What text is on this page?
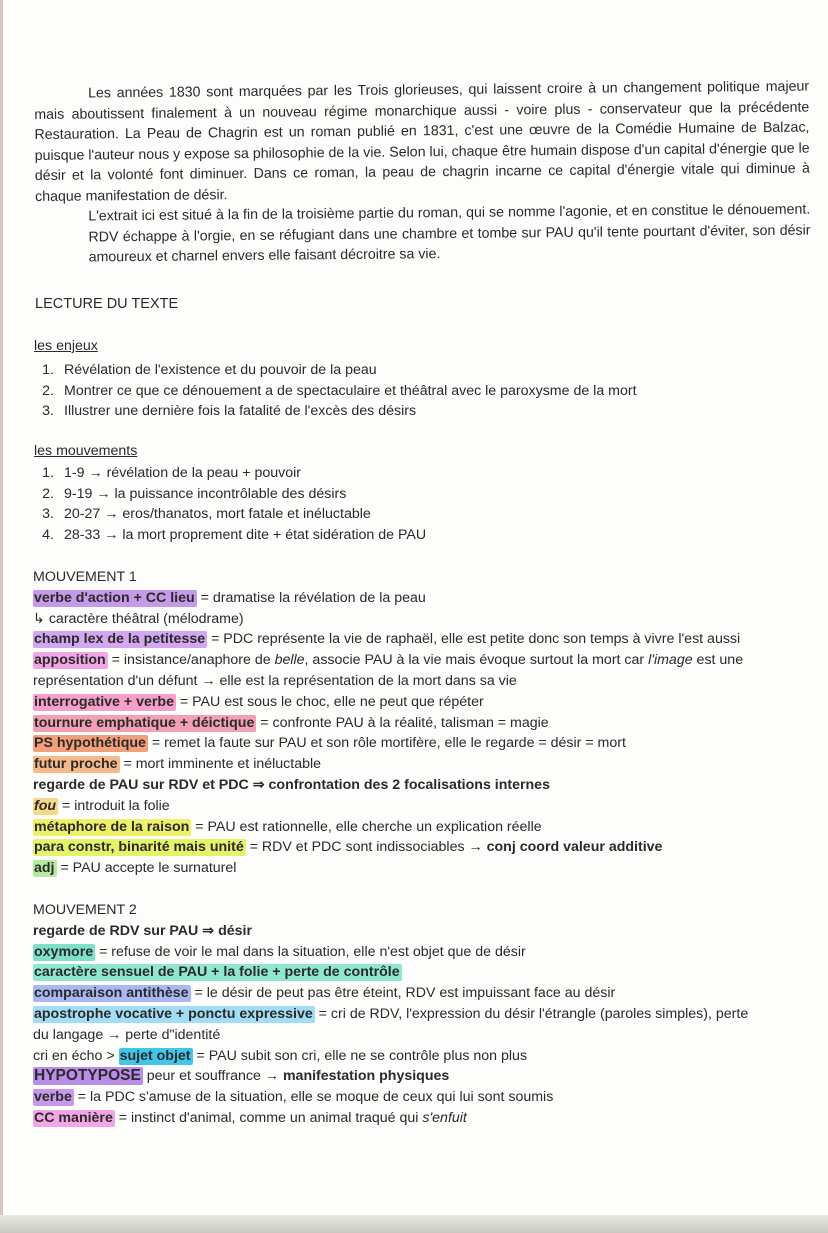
Les années 1830 sont marquées par les Trois glorieuses, qui laissent croire à un changement politique majeur mais aboutissent finalement à un nouveau régime monarchique aussi - voire plus - conservateur que la précédente Restauration. La Peau de Chagrin est un roman publié en 1831, c'est une œuvre de la Comédie Humaine de Balzac, puisque l'auteur nous y expose sa philosophie de la vie. Selon lui, chaque être humain dispose d'un capital d'énergie que le désir et la volonté font diminuer. Dans ce roman, la peau de chagrin incarne ce capital d'énergie vitale qui diminue à chaque manifestation de désir.

L'extrait ici est situé à la fin de la troisième partie du roman, qui se nomme l'agonie, et en constitue le dénouement. RDV échappe à l'orgie, en se réfugiant dans une chambre et tombe sur PAU qu'il tente pourtant d'éviter, son désir amoureux et charnel envers elle faisant décroitre sa vie.

LECTURE DU TEXTE
les enjeux
1. Révélation de l'existence et du pouvoir de la peau
2. Montrer ce que ce dénouement a de spectaculaire et théâtral avec le paroxysme de la mort
3. Illustrer une dernière fois la fatalité de l'excès des désirs
les mouvements
1. 1-9 → révélation de la peau + pouvoir
2. 9-19 → la puissance incontrôlable des désirs
3. 20-27 → eros/thanatos, mort fatale et inéluctable
4. 28-33 → la mort proprement dite + état sidération de PAU
MOUVEMENT 1
verbe d'action + CC lieu = dramatise la révélation de la peau
↳ caractère théâtral (mélodrame)
champ lex de la petitesse = PDC représente la vie de raphaël, elle est petite donc son temps à vivre l'est aussi
apposition = insistance/anaphore de belle, associe PAU à la vie mais évoque surtout la mort car l'image est une
représentation d'un défunt → elle est la représentation de la mort dans sa vie
interrogative + verbe = PAU est sous le choc, elle ne peut que répéter
tournure emphatique + déictique = confronte PAU à la réalité, talisman = magie
PS hypothétique = remet la faute sur PAU et son rôle mortifère, elle le regarde = désir = mort
futur proche = mort imminente et inéluctable
regarde de PAU sur RDV et PDC ⇒ confrontation des 2 focalisations internes
fou = introduit la folie
métaphore de la raison = PAU est rationnelle, elle cherche un explication réelle
para constr, binarité mais unité = RDV et PDC sont indissociables → conj coord valeur additive
adj = PAU accepte le surnaturel
MOUVEMENT 2
regarde de RDV sur PAU ⇒ désir
oxymore = refuse de voir le mal dans la situation, elle n'est objet que de désir
caractère sensuel de PAU + la folie + perte de contrôle
comparaison antithèse = le désir de peut pas être éteint, RDV est impuissant face au désir
apostrophe vocative + ponctu expressive = cri de RDV, l'expression du désir l'étrangle (paroles simples), perte
du langage → perte d"identité
cri en écho > sujet objet = PAU subit son cri, elle ne se contrôle plus non plus
HYPOTYPOSE peur et souffrance → manifestation physiques
verbe = la PDC s'amuse de la situation, elle se moque de ceux qui lui sont soumis
CC manière = instinct d'animal, comme un animal traqué qui s'enfuit
